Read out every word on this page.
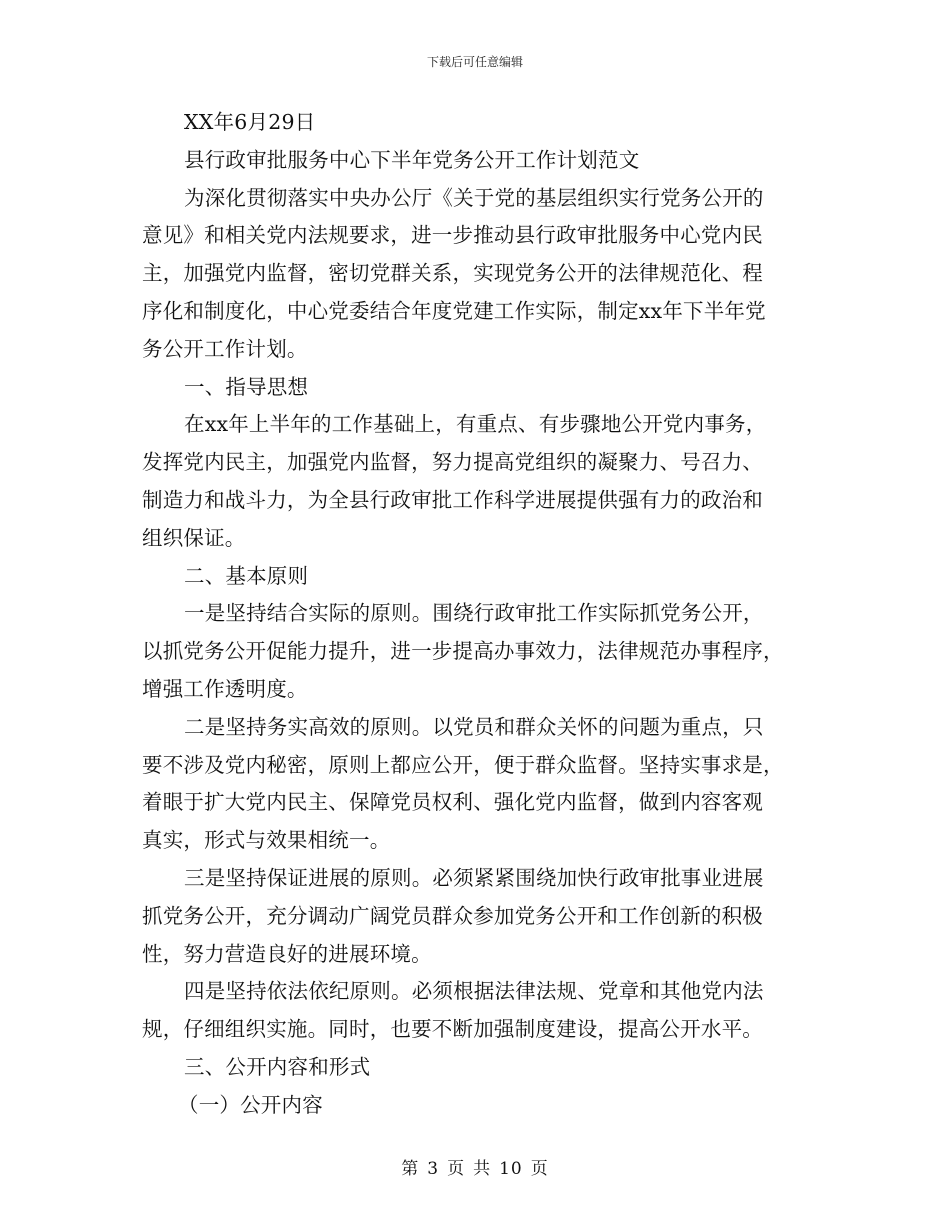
下载后可任意编辑
XX年6月29日
县行政审批服务中心下半年党务公开工作计划范文
为深化贯彻落实中央办公厅《关于党的基层组织实行党务公开的
意见》和相关党内法规要求，进一步推动县行政审批服务中心党内民
主，加强党内监督，密切党群关系，实现党务公开的法律规范化、程
序化和制度化，中心党委结合年度党建工作实际，制定xx年下半年党
务公开工作计划。
一、指导思想
在xx年上半年的工作基础上，有重点、有步骤地公开党内事务，
发挥党内民主，加强党内监督，努力提高党组织的凝聚力、号召力、
制造力和战斗力，为全县行政审批工作科学进展提供强有力的政治和
组织保证。
二、基本原则
一是坚持结合实际的原则。围绕行政审批工作实际抓党务公开，
以抓党务公开促能力提升，进一步提高办事效力，法律规范办事程序，
增强工作透明度。
二是坚持务实高效的原则。以党员和群众关怀的问题为重点，只
要不涉及党内秘密，原则上都应公开，便于群众监督。坚持实事求是，
着眼于扩大党内民主、保障党员权利、强化党内监督，做到内容客观
真实，形式与效果相统一。
三是坚持保证进展的原则。必须紧紧围绕加快行政审批事业进展
抓党务公开，充分调动广阔党员群众参加党务公开和工作创新的积极
性，努力营造良好的进展环境。
四是坚持依法依纪原则。必须根据法律法规、党章和其他党内法
规，仔细组织实施。同时，也要不断加强制度建设，提高公开水平。
三、公开内容和形式
（一）公开内容
第 3 页 共 10 页
